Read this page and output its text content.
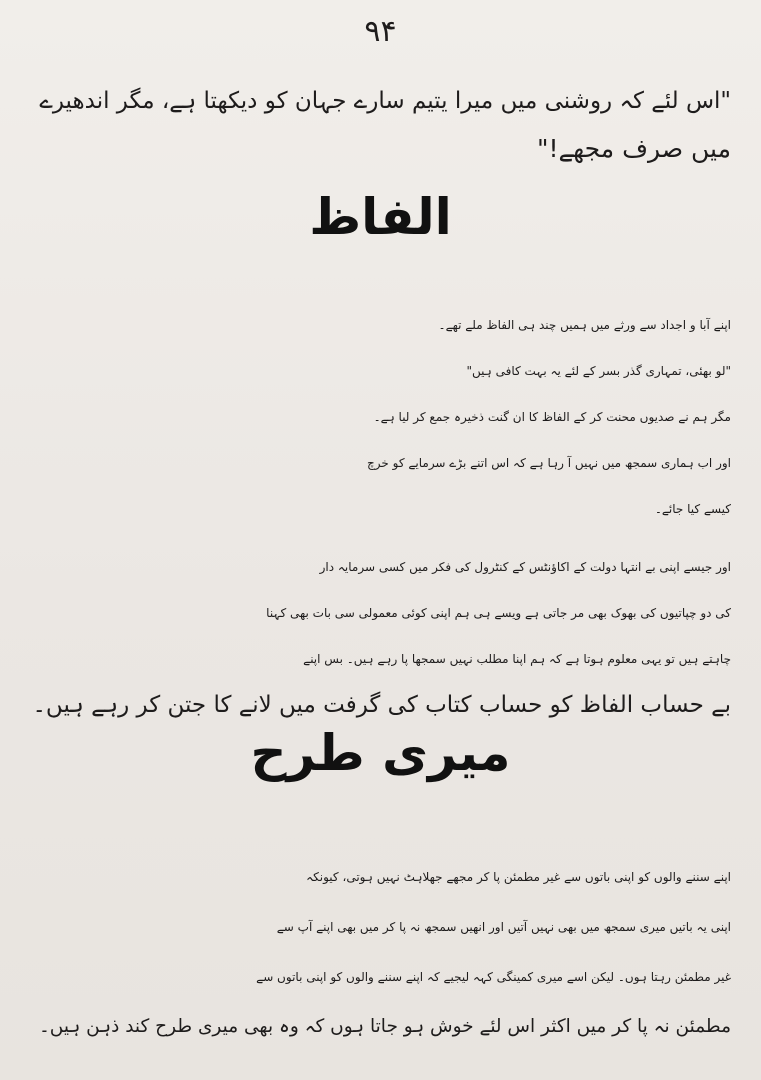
۹۴
"اس لئے کہ روشنی میں میرا یتیم سارے جہان کو دیکھتا ہے، مگر اندھیرے
میں صرف مجھے!"
الفاظ
اپنے آبا و اجداد سے ورثے میں ہمیں چند ہی الفاظ ملے تھے۔
"لو بھئی، تمہاری گذر بسر کے لئے یہ بہت کافی ہیں"
مگر ہم نے صدیوں محنت کر کے الفاظ کا ان گنت ذخیرہ جمع کر لیا ہے۔
اور اب ہماری سمجھ میں نہیں آ رہا ہے کہ اس اتنے بڑے سرمایے کو خرچ
کیسے کیا جائے۔
اور جیسے اپنی بے انتہا دولت کے اکاؤنٹس کے کنٹرول کی فکر میں کسی سرمایہ دار
کی دو چپاتیوں کی بھوک بھی مر جاتی ہے ویسے ہی ہم اپنی کوئی معمولی سی بات بھی کہنا
چاہتے ہیں تو یہی معلوم ہوتا ہے کہ ہم اپنا مطلب نہیں سمجھا پا رہے ہیں۔ بس اپنے
بے حساب الفاظ کو حساب کتاب کی گرفت میں لانے کا جتن کر رہے ہیں۔
میری طرح
اپنے سننے والوں کو اپنی باتوں سے غیر مطمئن پا کر مجھے جھلاہٹ نہیں ہوتی، کیونکہ
اپنی یہ باتیں میری سمجھ میں بھی نہیں آتیں اور انھیں سمجھ نہ پا کر میں بھی اپنے آپ سے
غیر مطمئن رہتا ہوں۔ لیکن اسے میری کمینگی کہہ لیجیے کہ اپنے سننے والوں کو اپنی باتوں سے
مطمئن نہ پا کر میں اکثر اس لئے خوش ہو جاتا ہوں کہ وہ بھی میری طرح کند ذہن ہیں۔
